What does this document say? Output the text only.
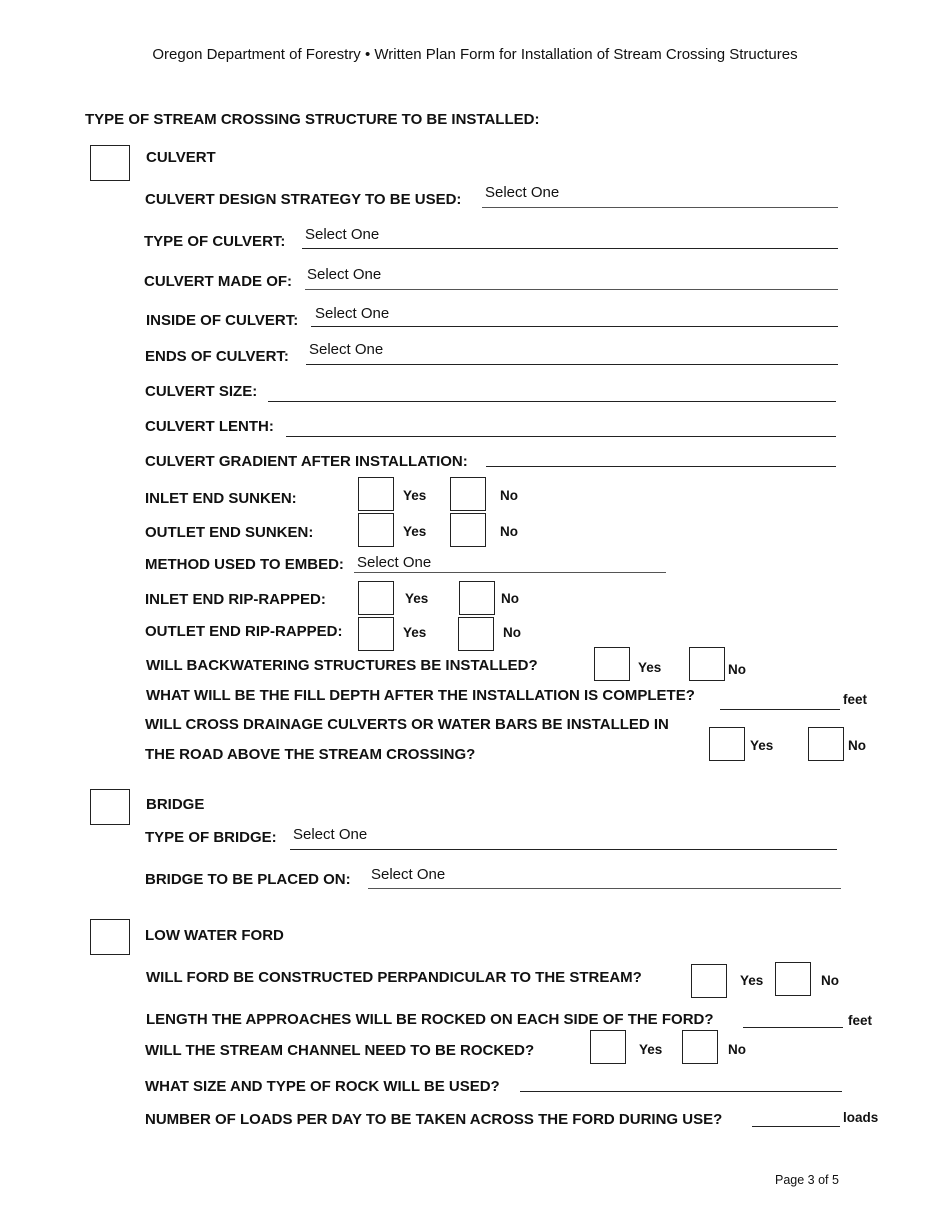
Oregon Department of Forestry • Written Plan Form for Installation of Stream Crossing Structures
TYPE OF STREAM CROSSING STRUCTURE TO BE INSTALLED:
CULVERT
CULVERT DESIGN STRATEGY TO BE USED: Select One
TYPE OF CULVERT: Select One
CULVERT MADE OF: Select One
INSIDE OF CULVERT: Select One
ENDS OF CULVERT: Select One
CULVERT SIZE:
CULVERT LENTH:
CULVERT GRADIENT AFTER INSTALLATION:
INLET END SUNKEN:	Yes	No
OUTLET END SUNKEN:	Yes	No
METHOD USED TO EMBED: Select One
INLET END RIP-RAPPED:	Yes	No
OUTLET END RIP-RAPPED:	Yes	No
WILL BACKWATERING STRUCTURES BE INSTALLED?	Yes	No
WHAT WILL BE THE FILL DEPTH AFTER THE INSTALLATION IS COMPLETE?	feet
WILL CROSS DRAINAGE CULVERTS OR WATER BARS BE INSTALLED IN
THE ROAD ABOVE THE STREAM CROSSING?
Yes	No
BRIDGE
TYPE OF BRIDGE: Select One
BRIDGE TO BE PLACED ON: Select One
LOW WATER FORD
WILL FORD BE CONSTRUCTED PERPANDICULAR TO THE STREAM?	Yes	No
LENGTH THE APPROACHES WILL BE ROCKED ON EACH SIDE OF THE FORD?	feet
WILL THE STREAM CHANNEL NEED TO BE ROCKED?	Yes	No
WHAT SIZE AND TYPE OF ROCK WILL BE USED?
NUMBER OF LOADS PER DAY TO BE TAKEN ACROSS THE FORD DURING USE?	loads
Page 3 of 5
